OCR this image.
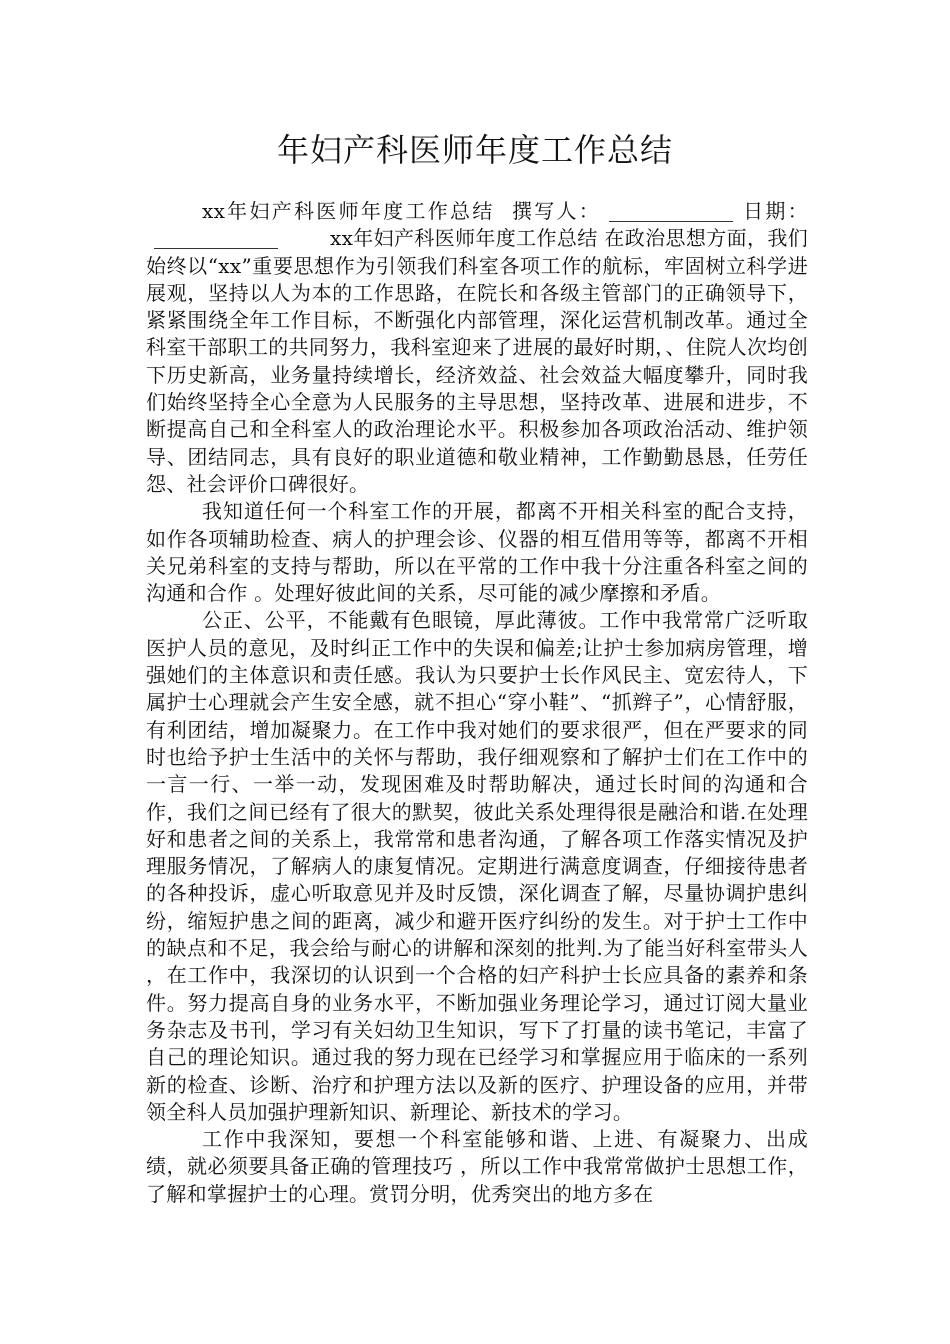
年妇产科医师年度工作总结

xx年妇产科医师年度工作总结 撰写人：	日期：xx年妇产科医师年度工作总结 在政治思想方面，我们始终以“xx”重要思想作为引领我们科室各项工作的航标，牢固树立科学进展观，坚持以人为本的工作思路，在院长和各级主管部门的正确领导下，紧紧围绕全年工作目标，不断强化内部管理，深化运营机制改革。通过全科室干部职工的共同努力，我科室迎来了进展的最好时期，、住院人次均创下历史新高，业务量持续增长，经济效益、社会效益大幅度攀升，同时我们始终坚持全心全意为人民服务的主导思想，坚持改革、进展和进步，不断提高自己和全科室人的政治理论水平。积极参加各项政治活动、维护领导、团结同志，具有良好的职业道德和敬业精神，工作勤勤恳恳，任劳任怨、社会评价口碑很好。

我知道任何一个科室工作的开展，都离不开相关科室的配合支持，如作各项辅助检查、病人的护理会诊、仪器的相互借用等等，都离不开相关兄弟科室的支持与帮助，所以在平常的工作中我十分注重各科室之间的沟通和合作 。处理好彼此间的关系，尽可能的减少摩擦和矛盾。

公正、公平，不能戴有色眼镜，厚此薄彼。工作中我常常广泛听取医护人员的意见，及时纠正工作中的失误和偏差;让护士参加病房管理，增强她们的主体意识和责任感。我认为只要护士长作风民主、宽宏待人，下属护士心理就会产生安全感，就不担心“穿小鞋”、“抓辫子”，心情舒服，有利团结，增加凝聚力。在工作中我对她们的要求很严，但在严要求的同时也给予护士生活中的关怀与帮助，我仔细观察和了解护士们在工作中的一言一行、一举一动，发现困难及时帮助解决，通过长时间的沟通和合作，我们之间已经有了很大的默契，彼此关系处理得很是融洽和谐.在处理好和患者之间的关系上，我常常和患者沟通，了解各项工作落实情况及护理服务情况，了解病人的康复情况。定期进行满意度调查，仔细接待患者的各种投诉，虚心听取意见并及时反馈，深化调查了解，尽量协调护患纠纷，缩短护患之间的距离，减少和避开医疗纠纷的发生。对于护士工作中的缺点和不足，我会给与耐心的讲解和深刻的批判.为了能当好科室带头人 ，在工作中，我深切的认识到一个合格的妇产科护士长应具备的素养和条件。努力提高自身的业务水平，不断加强业务理论学习，通过订阅大量业务杂志及书刊，学习有关妇幼卫生知识，写下了打量的读书笔记，丰富了自己的理论知识。通过我的努力现在已经学习和掌握应用于临床的一系列新的检查、诊断、治疗和护理方法以及新的医疗、护理设备的应用，并带领全科人员加强护理新知识、新理论、新技术的学习。

工作中我深知，要想一个科室能够和谐、上进、有凝聚力、出成绩，就必须要具备正确的管理技巧 ，所以工作中我常常做护士思想工作，了解和掌握护士的心理。赏罚分明，优秀突出的地方多在
